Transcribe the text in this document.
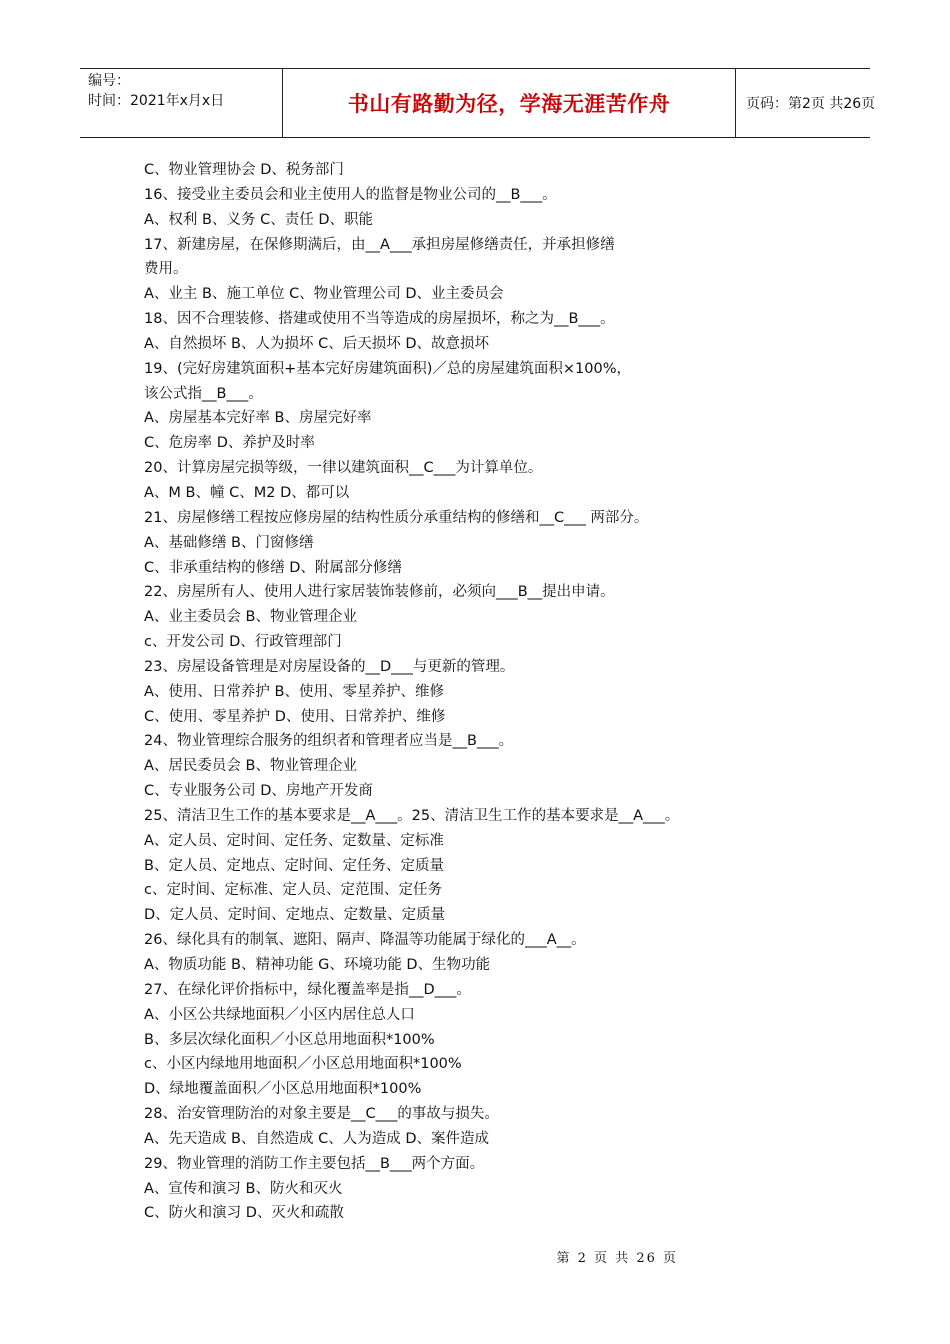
编号：
时间：2021年x月x日	书山有路勤为径，学海无涯苦作舟	页码：第2页 共26页
C、物业管理协会 D、税务部门
16、接受业主委员会和业主使用人的监督是物业公司的__B___。
A、权利 B、义务 C、责任 D、职能
17、新建房屋，在保修期满后，由__A___承担房屋修缮责任，并承担修缮
费用。
A、业主 B、施工单位 C、物业管理公司 D、业主委员会
18、因不合理装修、搭建或使用不当等造成的房屋损坏，称之为__B___。
A、自然损坏 B、人为损坏 C、后天损坏 D、故意损坏
19、(完好房建筑面积+基本完好房建筑面积)／总的房屋建筑面积×100%，
该公式指__B___。
A、房屋基本完好率 B、房屋完好率
C、危房率 D、养护及时率
20、计算房屋完损等级，一律以建筑面积__C___为计算单位。
A、M B、幢 C、M2 D、都可以
21、房屋修缮工程按应修房屋的结构性质分承重结构的修缮和__C___ 两部分。
A、基础修缮 B、门窗修缮
C、非承重结构的修缮 D、附属部分修缮
22、房屋所有人、使用人进行家居装饰装修前，必须向___B__提出申请。
A、业主委员会 B、物业管理企业
c、开发公司 D、行政管理部门
23、房屋设备管理是对房屋设备的__D___与更新的管理。
A、使用、日常养护 B、使用、零星养护、维修
C、使用、零星养护 D、使用、日常养护、维修
24、物业管理综合服务的组织者和管理者应当是__B___。
A、居民委员会 B、物业管理企业
C、专业服务公司 D、房地产开发商
25、清洁卫生工作的基本要求是__A___。25、清洁卫生工作的基本要求是__A___。
A、定人员、定时间、定任务、定数量、定标准
B、定人员、定地点、定时间、定任务、定质量
c、定时间、定标准、定人员、定范围、定任务
D、定人员、定时间、定地点、定数量、定质量
26、绿化具有的制氧、遮阳、隔声、降温等功能属于绿化的___A__。
A、物质功能 B、精神功能 G、环境功能 D、生物功能
27、在绿化评价指标中，绿化覆盖率是指__D___。
A、小区公共绿地面积／小区内居住总人口
B、多层次绿化面积／小区总用地面积*100%
c、小区内绿地用地面积／小区总用地面积*100%
D、绿地覆盖面积／小区总用地面积*100%
28、治安管理防治的对象主要是__C___的事故与损失。
A、先天造成 B、自然造成 C、人为造成 D、案件造成
29、物业管理的消防工作主要包括__B___两个方面。
A、宣传和演习 B、防火和灭火
C、防火和演习 D、灭火和疏散
第 2 页 共 26 页
